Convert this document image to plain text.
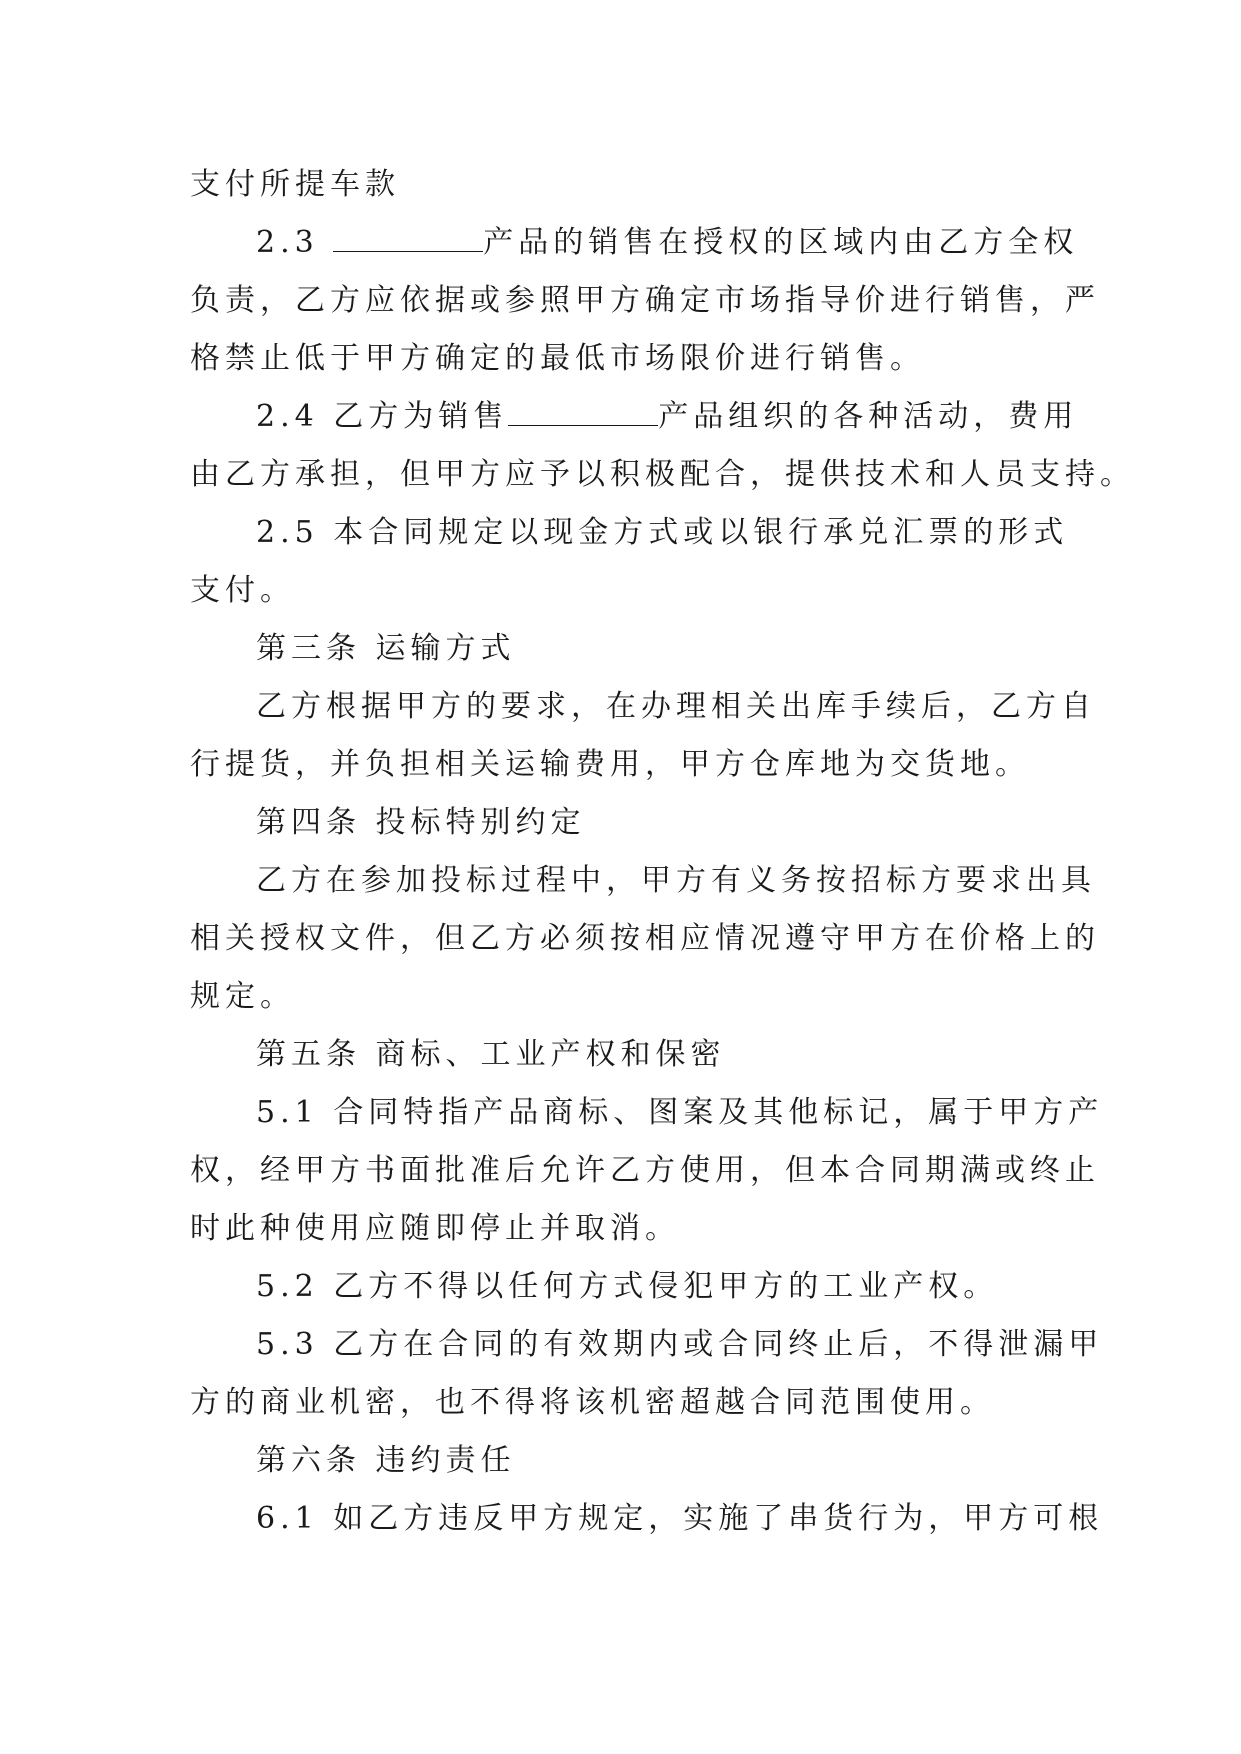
支付所提车款
2.3	产品的销售在授权的区域内由乙方全权
负责，乙方应依据或参照甲方确定市场指导价进行销售，严
格禁止低于甲方确定的最低市场限价进行销售。
2.4 乙方为销售	产品组织的各种活动，费用
由乙方承担，但甲方应予以积极配合，提供技术和人员支持。
2.5 本合同规定以现金方式或以银行承兑汇票的形式
支付。
第三条 运输方式
乙方根据甲方的要求，在办理相关出库手续后，乙方自
行提货，并负担相关运输费用，甲方仓库地为交货地。
第四条 投标特别约定
乙方在参加投标过程中，甲方有义务按招标方要求出具
相关授权文件，但乙方必须按相应情况遵守甲方在价格上的
规定。
第五条 商标、工业产权和保密
5.1 合同特指产品商标、图案及其他标记，属于甲方产
权，经甲方书面批准后允许乙方使用，但本合同期满或终止
时此种使用应随即停止并取消。
5.2 乙方不得以任何方式侵犯甲方的工业产权。
5.3 乙方在合同的有效期内或合同终止后，不得泄漏甲
方的商业机密，也不得将该机密超越合同范围使用。
第六条 违约责任
6.1 如乙方违反甲方规定，实施了串货行为，甲方可根
